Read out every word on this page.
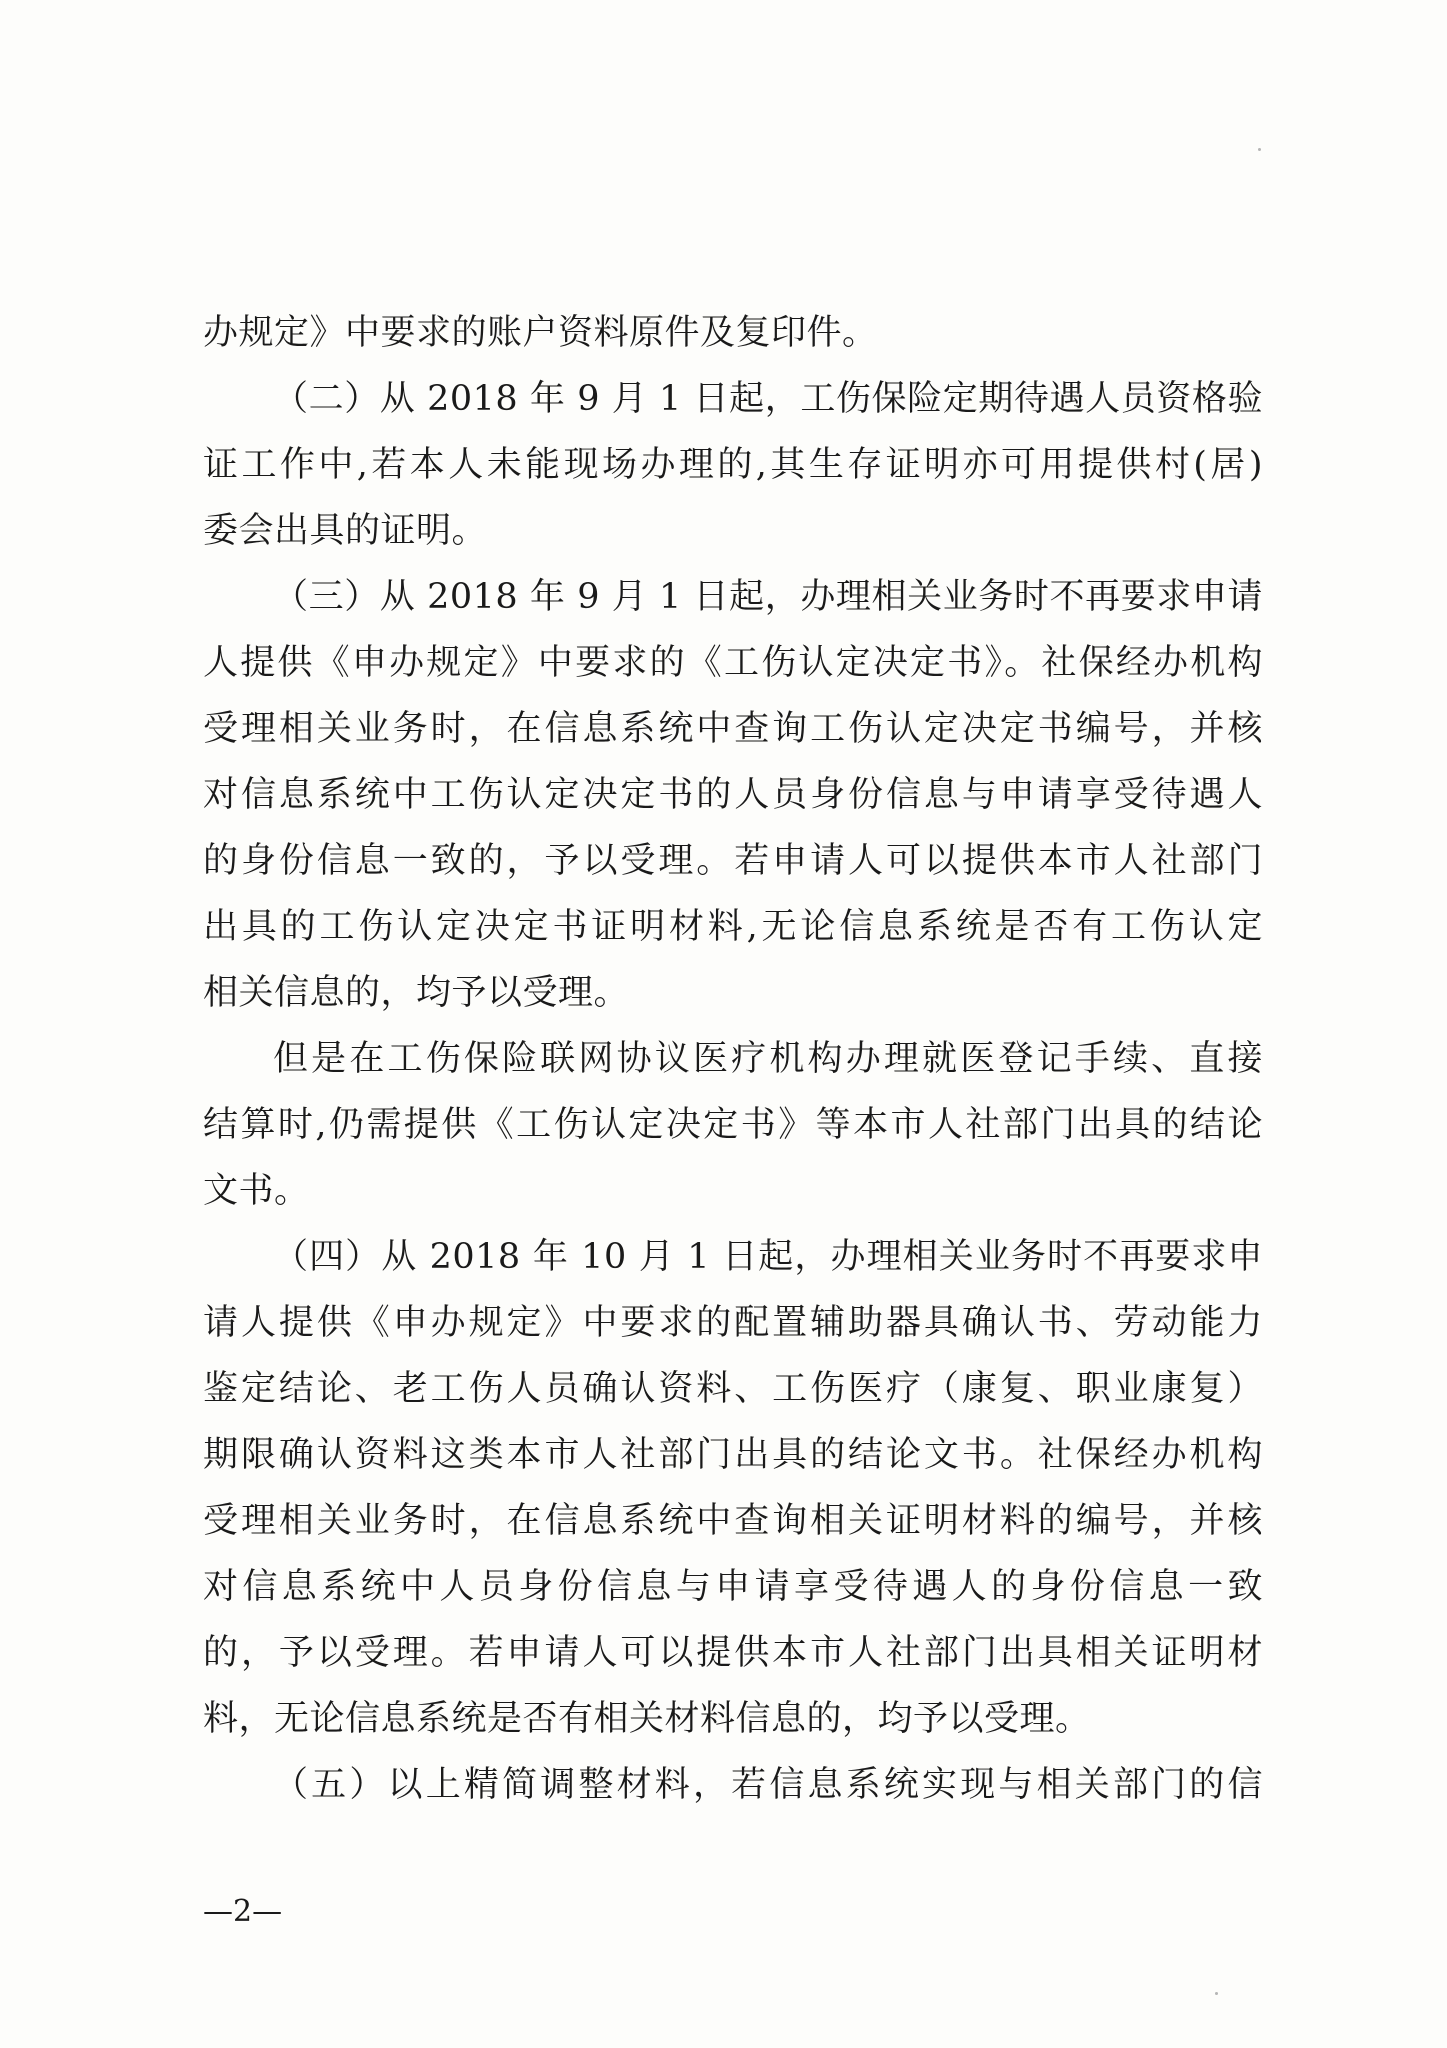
办规定》中要求的账户资料原件及复印件。
（二）从 2018 年 9 月 1 日起，工伤保险定期待遇人员资格验
证工作中,若本人未能现场办理的,其生存证明亦可用提供村(居)
委会出具的证明。
（三）从 2018 年 9 月 1 日起，办理相关业务时不再要求申请
人提供《申办规定》中要求的《工伤认定决定书》。社保经办机构
受理相关业务时，在信息系统中查询工伤认定决定书编号，并核
对信息系统中工伤认定决定书的人员身份信息与申请享受待遇人
的身份信息一致的，予以受理。若申请人可以提供本市人社部门
出具的工伤认定决定书证明材料,无论信息系统是否有工伤认定
相关信息的，均予以受理。
但是在工伤保险联网协议医疗机构办理就医登记手续、直接
结算时,仍需提供《工伤认定决定书》等本市人社部门出具的结论
文书。
（四）从 2018 年 10 月 1 日起，办理相关业务时不再要求申
请人提供《申办规定》中要求的配置辅助器具确认书、劳动能力
鉴定结论、老工伤人员确认资料、工伤医疗（康复、职业康复）
期限确认资料这类本市人社部门出具的结论文书。社保经办机构
受理相关业务时，在信息系统中查询相关证明材料的编号，并核
对信息系统中人员身份信息与申请享受待遇人的身份信息一致
的，予以受理。若申请人可以提供本市人社部门出具相关证明材
料，无论信息系统是否有相关材料信息的，均予以受理。
（五）以上精简调整材料，若信息系统实现与相关部门的信
—2—
